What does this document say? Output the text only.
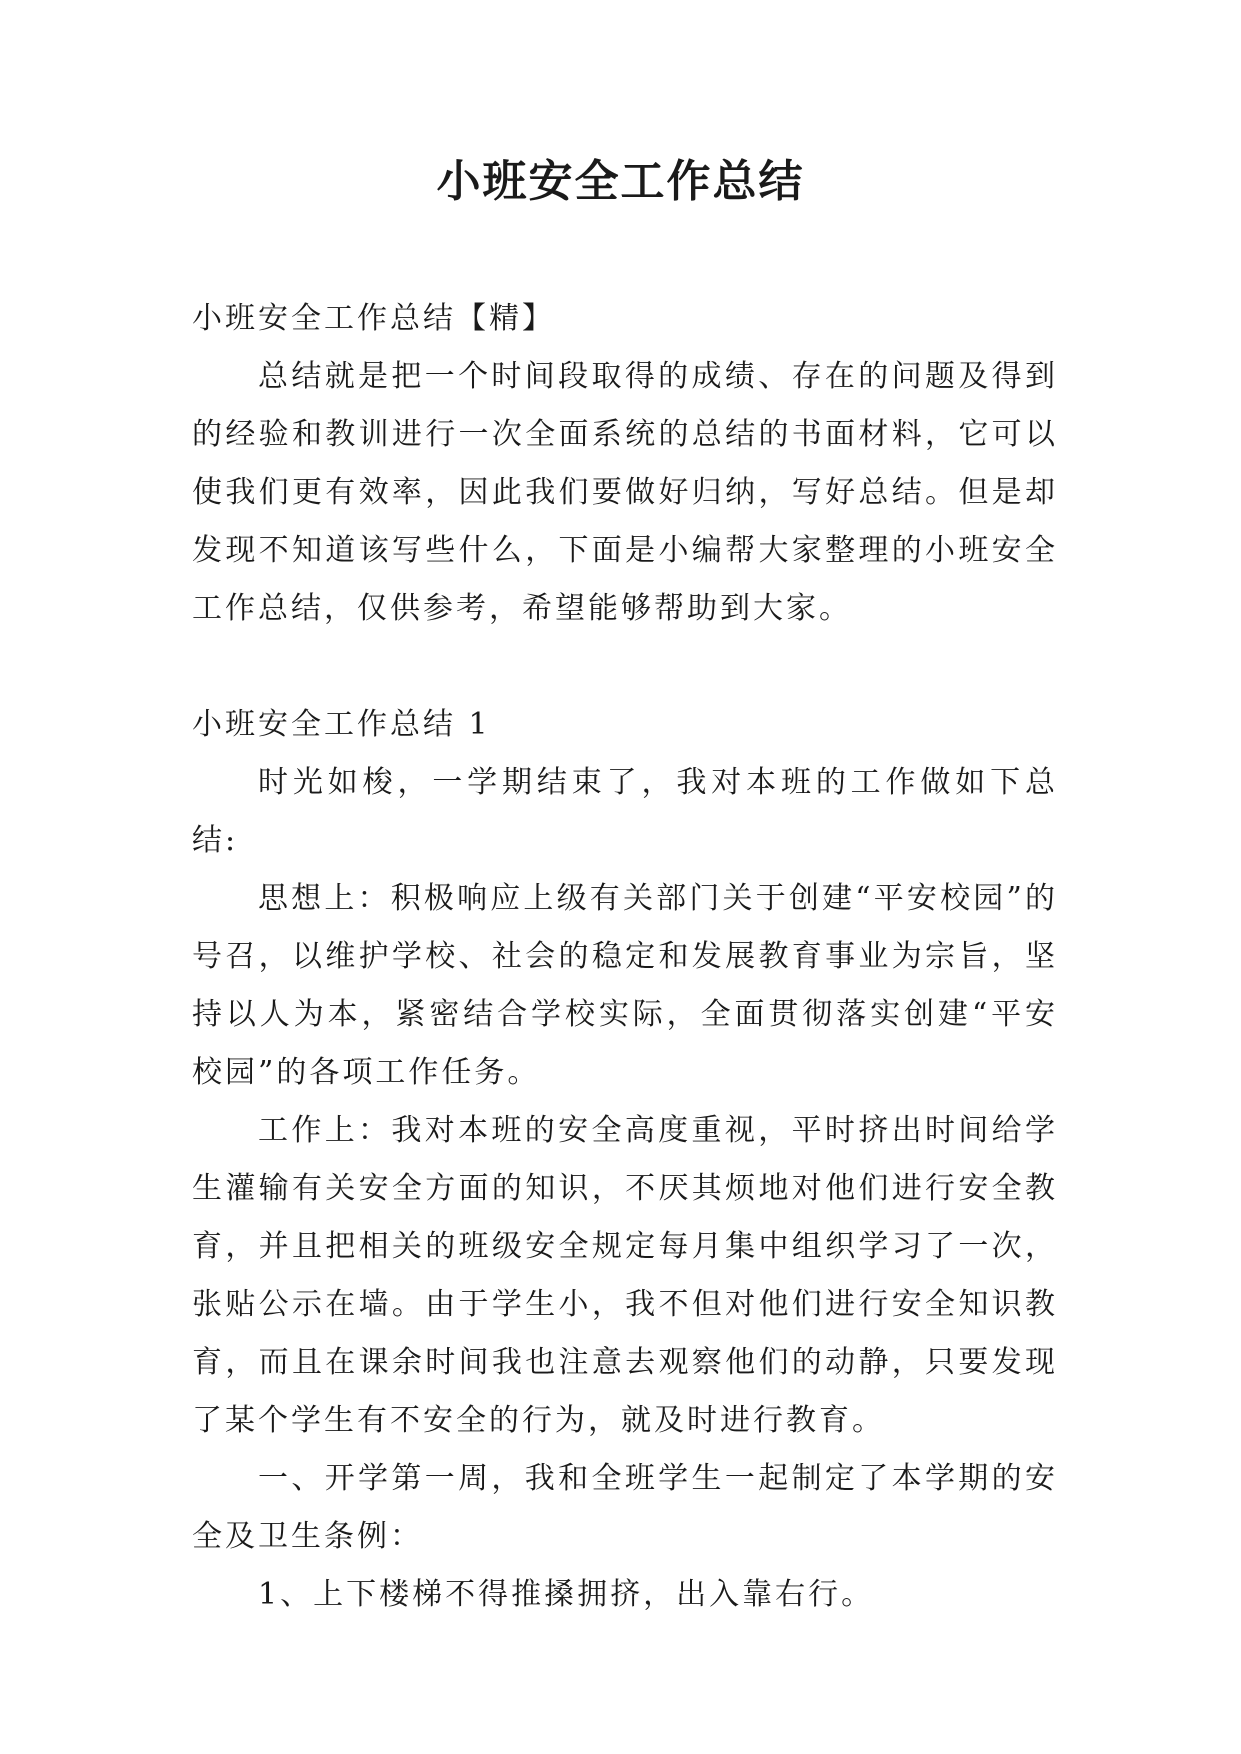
小班安全工作总结

小班安全工作总结【精】

总结就是把一个时间段取得的成绩、存在的问题及得到的经验和教训进行一次全面系统的总结的书面材料，它可以使我们更有效率，因此我们要做好归纳，写好总结。但是却发现不知道该写些什么，下面是小编帮大家整理的小班安全工作总结，仅供参考，希望能够帮助到大家。

小班安全工作总结 1

时光如梭，一学期结束了，我对本班的工作做如下总结:

思想上：积极响应上级有关部门关于创建“平安校园”的号召，以维护学校、社会的稳定和发展教育事业为宗旨，坚持以人为本，紧密结合学校实际，全面贯彻落实创建“平安校园”的各项工作任务。

工作上：我对本班的安全高度重视，平时挤出时间给学生灌输有关安全方面的知识，不厌其烦地对他们进行安全教育，并且把相关的班级安全规定每月集中组织学习了一次，张贴公示在墙。由于学生小，我不但对他们进行安全知识教育，而且在课余时间我也注意去观察他们的动静，只要发现了某个学生有不安全的行为，就及时进行教育。

一、开学第一周，我和全班学生一起制定了本学期的安全及卫生条例：

1、上下楼梯不得推搡拥挤，出入靠右行。
